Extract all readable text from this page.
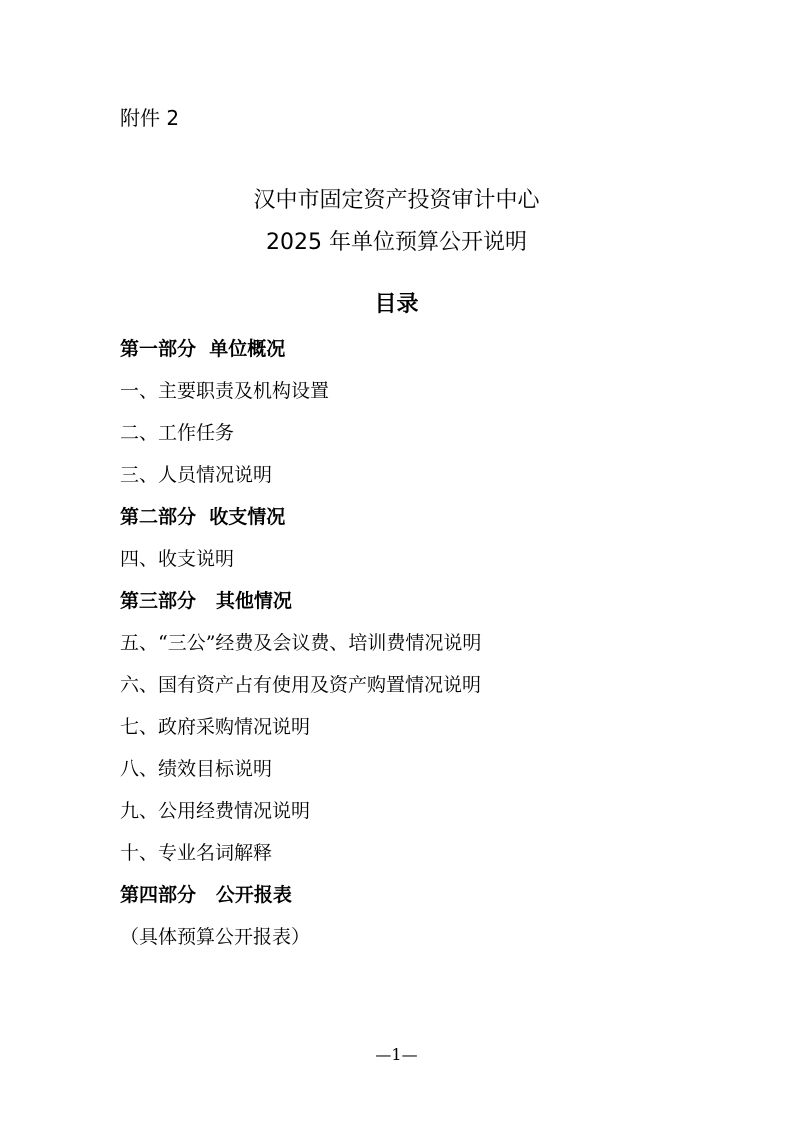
附件 2
汉中市固定资产投资审计中心
2025 年单位预算公开说明
目录
第一部分  单位概况
一、主要职责及机构设置
二、工作任务
三、人员情况说明
第二部分  收支情况
四、收支说明
第三部分   其他情况
五、“三公”经费及会议费、培训费情况说明
六、国有资产占有使用及资产购置情况说明
七、政府采购情况说明
八、绩效目标说明
九、公用经费情况说明
十、专业名词解释
第四部分   公开报表
（具体预算公开报表）
—1—
